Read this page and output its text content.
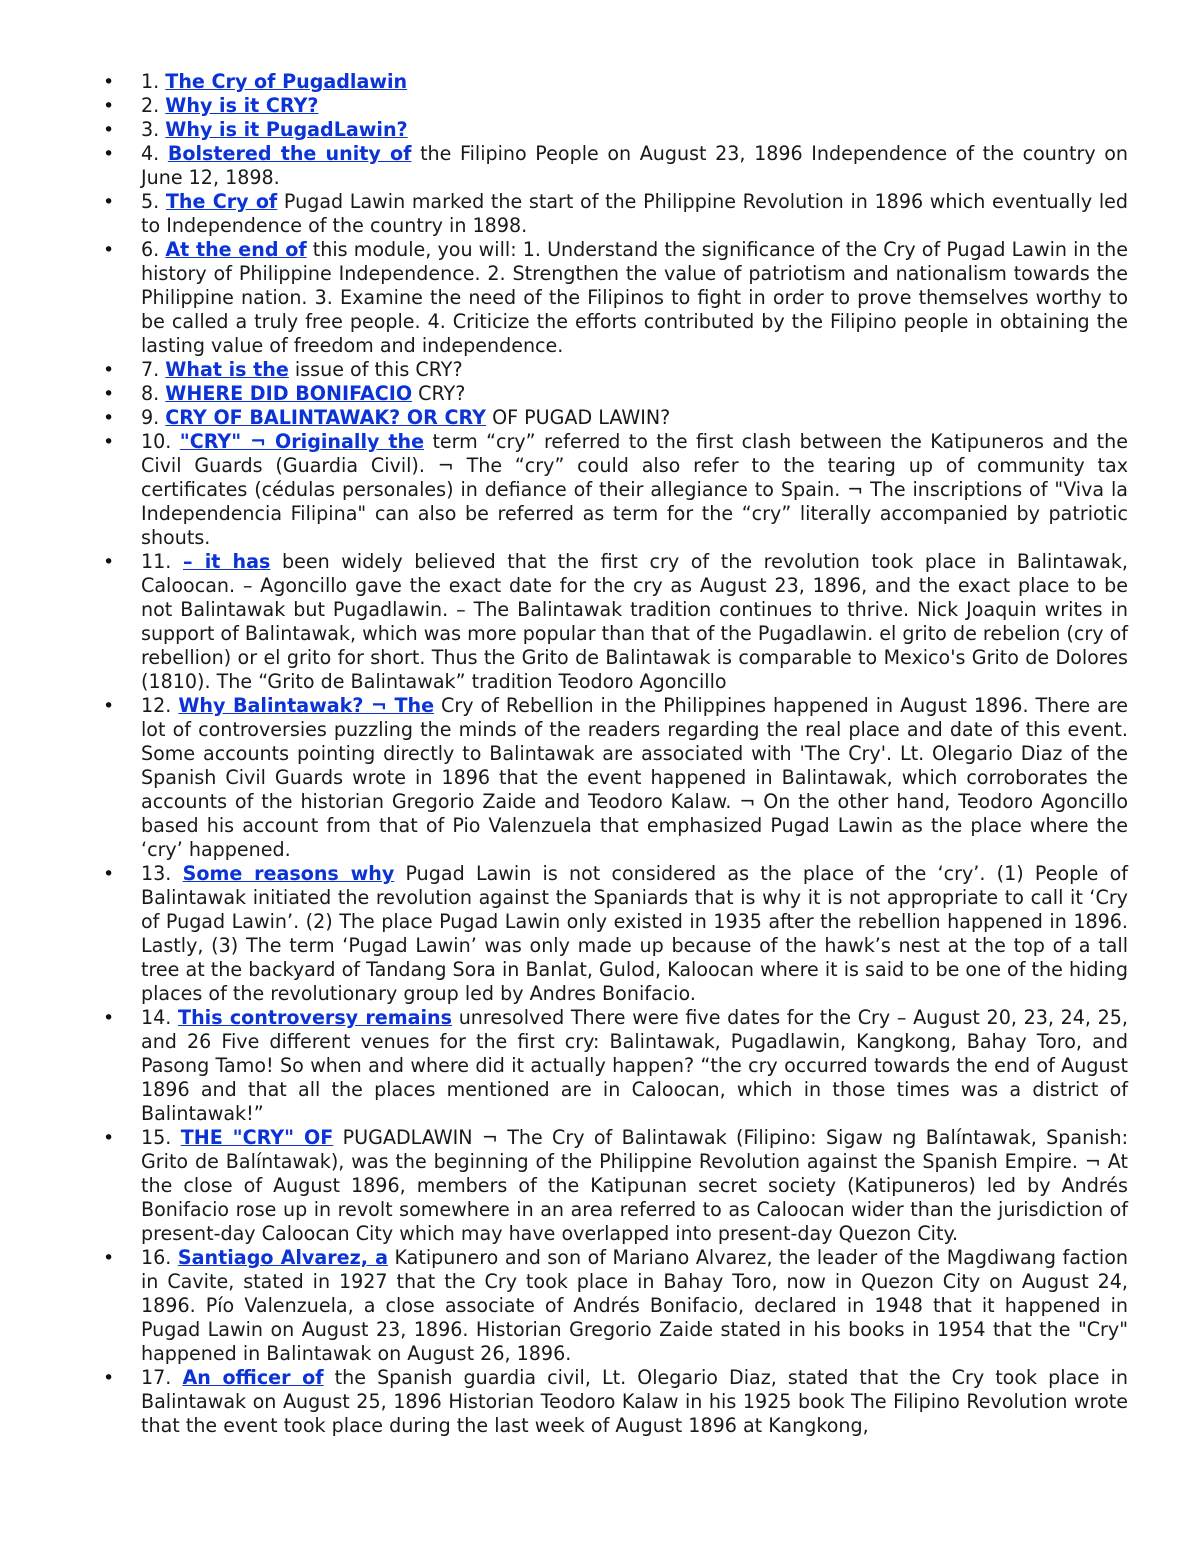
• 1. The Cry of Pugadlawin
• 2. Why is it CRY?
• 3. Why is it PugadLawin?
• 4. Bolstered the unity of the Filipino People on August 23, 1896 Independence of the country on June 12, 1898.
• 5. The Cry of Pugad Lawin marked the start of the Philippine Revolution in 1896 which eventually led to Independence of the country in 1898.
• 6. At the end of this module, you will: 1. Understand the significance of the Cry of Pugad Lawin in the history of Philippine Independence. 2. Strengthen the value of patriotism and nationalism towards the Philippine nation. 3. Examine the need of the Filipinos to fight in order to prove themselves worthy to be called a truly free people. 4. Criticize the efforts contributed by the Filipino people in obtaining the lasting value of freedom and independence.
• 7. What is the issue of this CRY?
• 8. WHERE DID BONIFACIO CRY?
• 9. CRY OF BALINTAWAK? OR CRY OF PUGAD LAWIN?
• 10. "CRY" ¬ Originally the term “cry” referred to the first clash between the Katipuneros and the Civil Guards (Guardia Civil). ¬ The “cry” could also refer to the tearing up of community tax certificates (cédulas personales) in defiance of their allegiance to Spain. ¬ The inscriptions of "Viva la Independencia Filipina" can also be referred as term for the “cry” literally accompanied by patriotic shouts.
• 11. – it has been widely believed that the first cry of the revolution took place in Balintawak, Caloocan. – Agoncillo gave the exact date for the cry as August 23, 1896, and the exact place to be not Balintawak but Pugadlawin. – The Balintawak tradition continues to thrive. Nick Joaquin writes in support of Balintawak, which was more popular than that of the Pugadlawin. el grito de rebelion (cry of rebellion) or el grito for short. Thus the Grito de Balintawak is comparable to Mexico's Grito de Dolores (1810). The “Grito de Balintawak” tradition Teodoro Agoncillo
• 12. Why Balintawak? ¬ The Cry of Rebellion in the Philippines happened in August 1896. There are lot of controversies puzzling the minds of the readers regarding the real place and date of this event. Some accounts pointing directly to Balintawak are associated with 'The Cry'. Lt. Olegario Diaz of the Spanish Civil Guards wrote in 1896 that the event happened in Balintawak, which corroborates the accounts of the historian Gregorio Zaide and Teodoro Kalaw. ¬ On the other hand, Teodoro Agoncillo based his account from that of Pio Valenzuela that emphasized Pugad Lawin as the place where the ‘cry’ happened.
• 13. Some reasons why Pugad Lawin is not considered as the place of the ‘cry’. (1) People of Balintawak initiated the revolution against the Spaniards that is why it is not appropriate to call it ‘Cry of Pugad Lawin’. (2) The place Pugad Lawin only existed in 1935 after the rebellion happened in 1896. Lastly, (3) The term ‘Pugad Lawin’ was only made up because of the hawk’s nest at the top of a tall tree at the backyard of Tandang Sora in Banlat, Gulod, Kaloocan where it is said to be one of the hiding places of the revolutionary group led by Andres Bonifacio.
• 14. This controversy remains unresolved There were five dates for the Cry – August 20, 23, 24, 25, and 26 Five different venues for the first cry: Balintawak, Pugadlawin, Kangkong, Bahay Toro, and Pasong Tamo! So when and where did it actually happen? “the cry occurred towards the end of August 1896 and that all the places mentioned are in Caloocan, which in those times was a district of Balintawak!”
• 15. THE "CRY" OF PUGADLAWIN ¬ The Cry of Balintawak (Filipino: Sigaw ng Balíntawak, Spanish: Grito de Balíntawak), was the beginning of the Philippine Revolution against the Spanish Empire. ¬ At the close of August 1896, members of the Katipunan secret society (Katipuneros) led by Andrés Bonifacio rose up in revolt somewhere in an area referred to as Caloocan wider than the jurisdiction of present-day Caloocan City which may have overlapped into present-day Quezon City.
• 16. Santiago Alvarez, a Katipunero and son of Mariano Alvarez, the leader of the Magdiwang faction in Cavite, stated in 1927 that the Cry took place in Bahay Toro, now in Quezon City on August 24, 1896. Pío Valenzuela, a close associate of Andrés Bonifacio, declared in 1948 that it happened in Pugad Lawin on August 23, 1896. Historian Gregorio Zaide stated in his books in 1954 that the "Cry" happened in Balintawak on August 26, 1896.
• 17. An officer of the Spanish guardia civil, Lt. Olegario Diaz, stated that the Cry took place in Balintawak on August 25, 1896 Historian Teodoro Kalaw in his 1925 book The Filipino Revolution wrote that the event took place during the last week of August 1896 at Kangkong,
